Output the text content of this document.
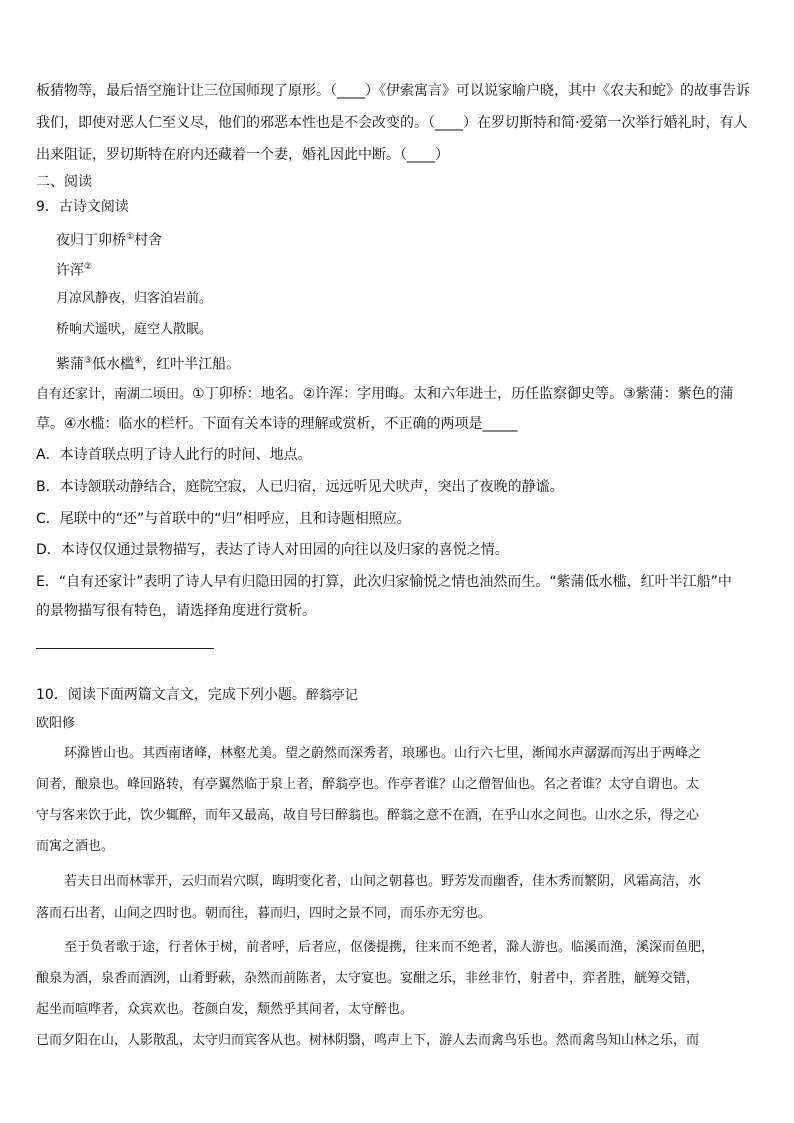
板猜物等，最后悟空施计让三位国师现了原形。（____）《伊索寓言》可以说家喻户晓，其中《农夫和蛇》的故事告诉
我们，即使对恶人仁至义尽，他们的邪恶本性也是不会改变的。（____）在罗切斯特和简·爱第一次举行婚礼时，有人
出来阻证，罗切斯特在府内还藏着一个妻，婚礼因此中断。（____）
二、阅读
9．古诗文阅读
夜归丁卯桥①村舍
许浑②
月凉风静夜，归客泊岩前。
桥响犬遥吠，庭空人散眠。
紫蒲③低水槛④，红叶半江船。
自有还家计，南湖二顷田。①丁卯桥：地名。②许浑：字用晦。太和六年进士，历任监察御史等。③紫蒲：紫色的蒲
草。④水槛：临水的栏杆。下面有关本诗的理解或赏析，不正确的两项是_____
A．本诗首联点明了诗人此行的时间、地点。
B．本诗颔联动静结合，庭院空寂，人已归宿，远远听见犬吠声，突出了夜晚的静谧。
C．尾联中的“还”与首联中的“归”相呼应，且和诗题相照应。
D．本诗仅仅通过景物描写，表达了诗人对田园的向往以及归家的喜悦之情。
E．“自有还家计”表明了诗人早有归隐田园的打算，此次归家愉悦之情也油然而生。“紫蒲低水槛，红叶半江船”中
的景物描写很有特色，请选择角度进行赏析。
10．阅读下面两篇文言文，完成下列小题。醉翁亭记
欧阳修
环滁皆山也。其西南诸峰，林壑尤美。望之蔚然而深秀者，琅琊也。山行六七里，渐闻水声潺潺而泻出于两峰之
间者，酿泉也。峰回路转，有亭翼然临于泉上者，醉翁亭也。作亭者谁？山之僧智仙也。名之者谁？太守自谓也。太
守与客来饮于此，饮少辄醉，而年又最高，故自号曰醉翁也。醉翁之意不在酒，在乎山水之间也。山水之乐，得之心
而寓之酒也。
若夫日出而林霏开，云归而岩穴暝，晦明变化者，山间之朝暮也。野芳发而幽香，佳木秀而繁阴，风霜高洁，水
落而石出者，山间之四时也。朝而往，暮而归，四时之景不同，而乐亦无穷也。
至于负者歌于途，行者休于树，前者呼，后者应，伛偻提携，往来而不绝者，滁人游也。临溪而渔，溪深而鱼肥，
酿泉为酒，泉香而酒洌，山肴野蔌，杂然而前陈者，太守宴也。宴酣之乐，非丝非竹，射者中，弈者胜，觥筹交错，
起坐而喧哗者，众宾欢也。苍颜白发，颓然乎其间者，太守醉也。
已而夕阳在山，人影散乱，太守归而宾客从也。树林阴翳，鸣声上下，游人去而禽鸟乐也。然而禽鸟知山林之乐，而
